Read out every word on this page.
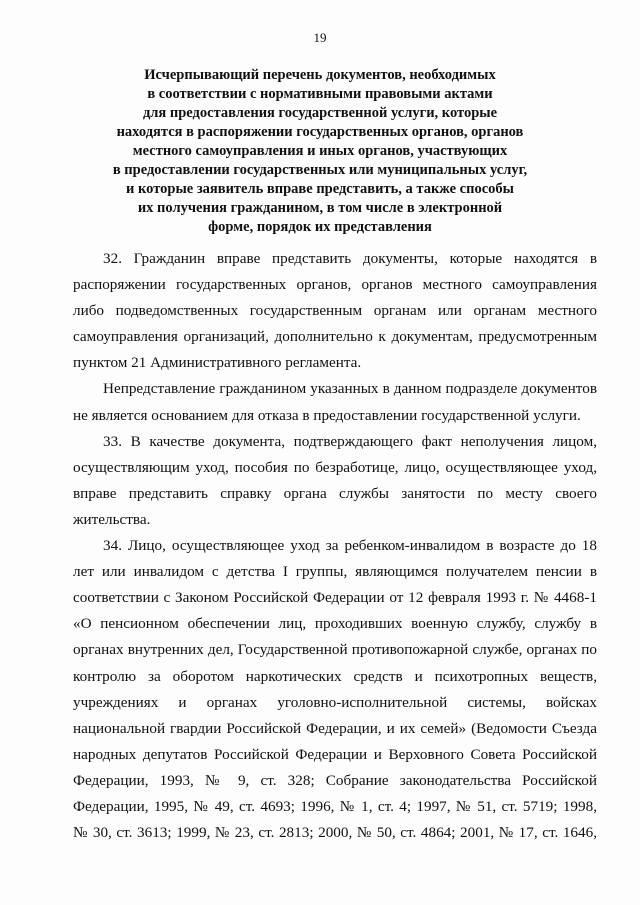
19
Исчерпывающий перечень документов, необходимых
в соответствии с нормативными правовыми актами
для предоставления государственной услуги, которые
находятся в распоряжении государственных органов, органов
местного самоуправления и иных органов, участвующих
в предоставлении государственных или муниципальных услуг,
и которые заявитель вправе представить, а также способы
их получения гражданином, в том числе в электронной
форме, порядок их представления
32. Гражданин вправе представить документы, которые находятся в
распоряжении государственных органов, органов местного самоуправления
либо подведомственных государственным органам или органам местного
самоуправления организаций, дополнительно к документам, предусмотренным
пунктом 21 Административного регламента.
Непредставление гражданином указанных в данном подразделе документов
не является основанием для отказа в предоставлении государственной услуги.
33. В качестве документа, подтверждающего факт неполучения лицом,
осуществляющим уход, пособия по безработице, лицо, осуществляющее уход,
вправе представить справку органа службы занятости по месту своего
жительства.
34. Лицо, осуществляющее уход за ребенком-инвалидом в возрасте до 18
лет или инвалидом с детства I группы, являющимся получателем пенсии в
соответствии с Законом Российской Федерации от 12 февраля 1993 г. № 4468-1
«О пенсионном обеспечении лиц, проходивших военную службу, службу в
органах внутренних дел, Государственной противопожарной службе, органах по
контролю за оборотом наркотических средств и психотропных веществ,
учреждениях и органах уголовно-исполнительной системы, войсках
национальной гвардии Российской Федерации, и их семей» (Ведомости Съезда
народных депутатов Российской Федерации и Верховного Совета Российской
Федерации, 1993, № 9, ст. 328; Собрание законодательства Российской
Федерации, 1995, № 49, ст. 4693; 1996, № 1, ст. 4; 1997, № 51, ст. 5719; 1998,
№ 30, ст. 3613; 1999, № 23, ст. 2813; 2000, № 50, ст. 4864; 2001, № 17, ст. 1646,
